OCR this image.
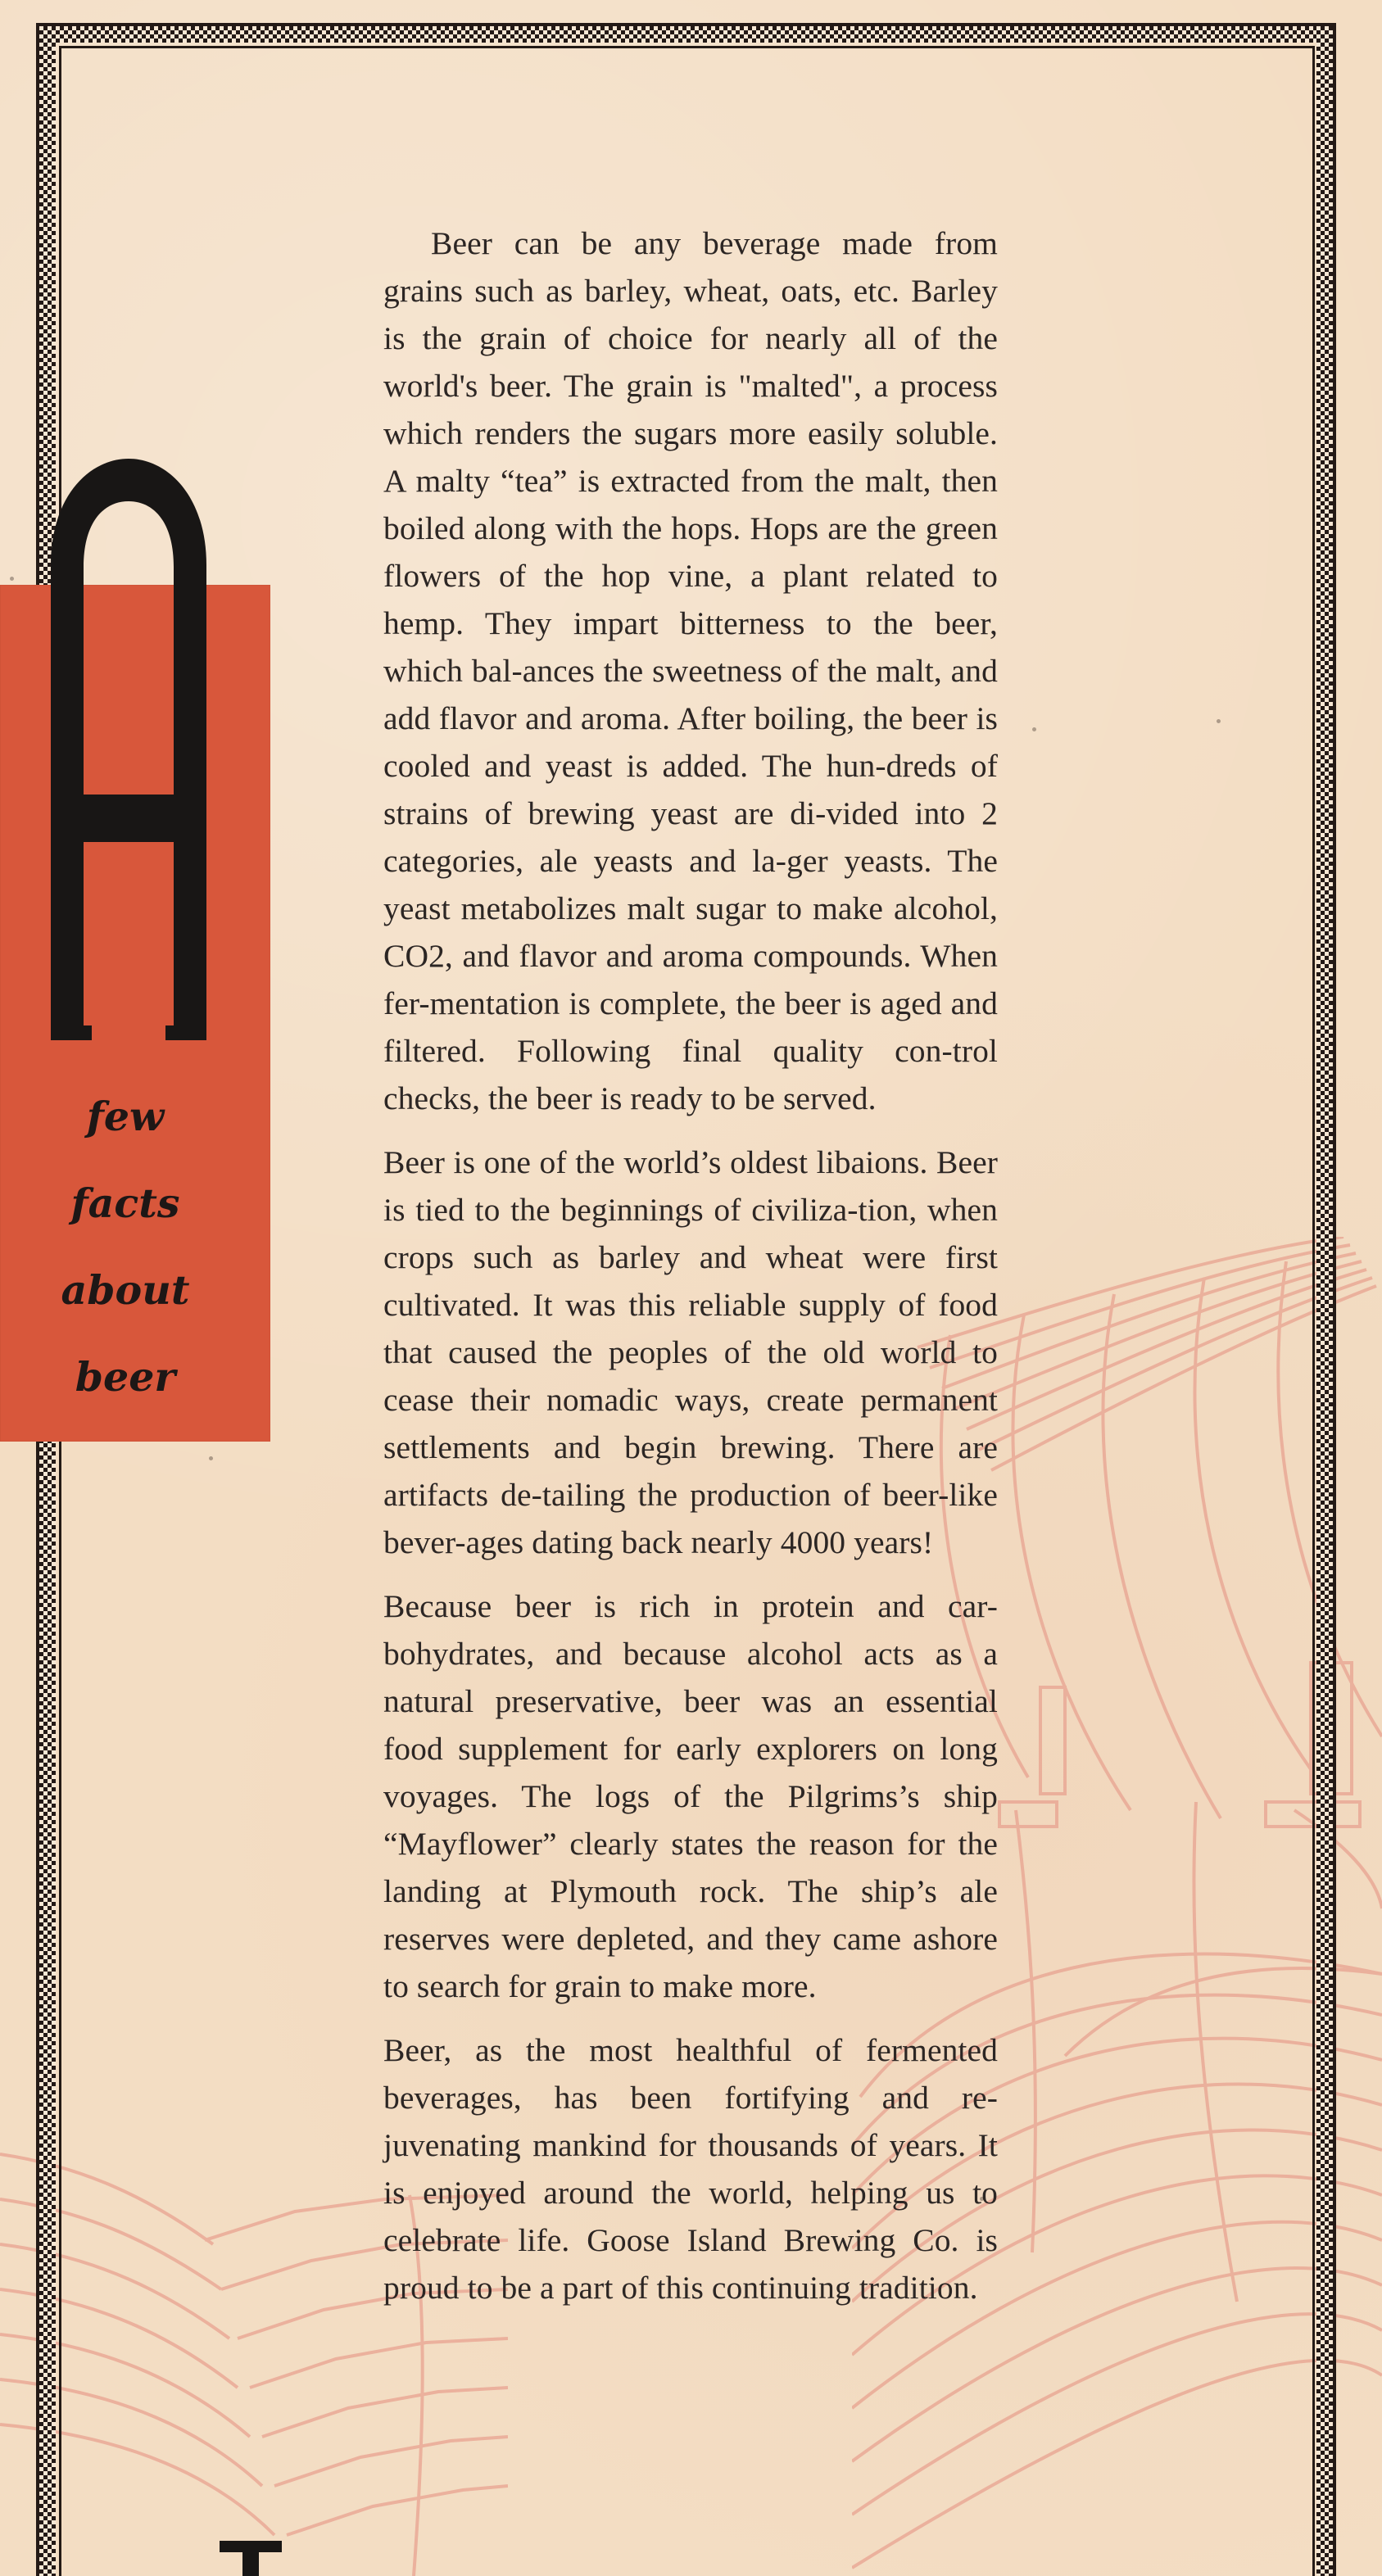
few
facts
about
beer

Beer can be any beverage made from grains such as barley, wheat, oats, etc. Barley is the grain of choice for nearly all of the world's beer. The grain is "malted", a process which renders the sugars more easily soluble. A malty “tea” is extracted from the malt, then boiled along with the hops. Hops are the green flowers of the hop vine, a plant related to hemp. They impart bitterness to the beer, which bal-ances the sweetness of the malt, and add flavor and aroma. After boiling, the beer is cooled and yeast is added. The hun-dreds of strains of brewing yeast are di-vided into 2 categories, ale yeasts and la-ger yeasts. The yeast metabolizes malt sugar to make alcohol, CO2, and flavor and aroma compounds. When fer-mentation is complete, the beer is aged and filtered. Following final quality con-trol checks, the beer is ready to be served.

Beer is one of the world’s oldest libaions. Beer is tied to the beginnings of civiliza-tion, when crops such as barley and wheat were first cultivated. It was this reliable supply of food that caused the peoples of the old world to cease their nomadic ways, create permanent settlements and begin brewing. There are artifacts de-tailing the production of beer-like bever-ages dating back nearly 4000 years!

Because beer is rich in protein and car-bohydrates, and because alcohol acts as a natural preservative, beer was an essential food supplement for early explorers on long voyages. The logs of the Pilgrims’s ship “Mayflower” clearly states the reason for the landing at Plymouth rock. The ship’s ale reserves were depleted, and they came ashore to search for grain to make more.

Beer, as the most healthful of fermented beverages, has been fortifying and re-juvenating mankind for thousands of years. It is enjoyed around the world, helping us to celebrate life. Goose Island Brewing Co. is proud to be a part of this continuing tradition.
